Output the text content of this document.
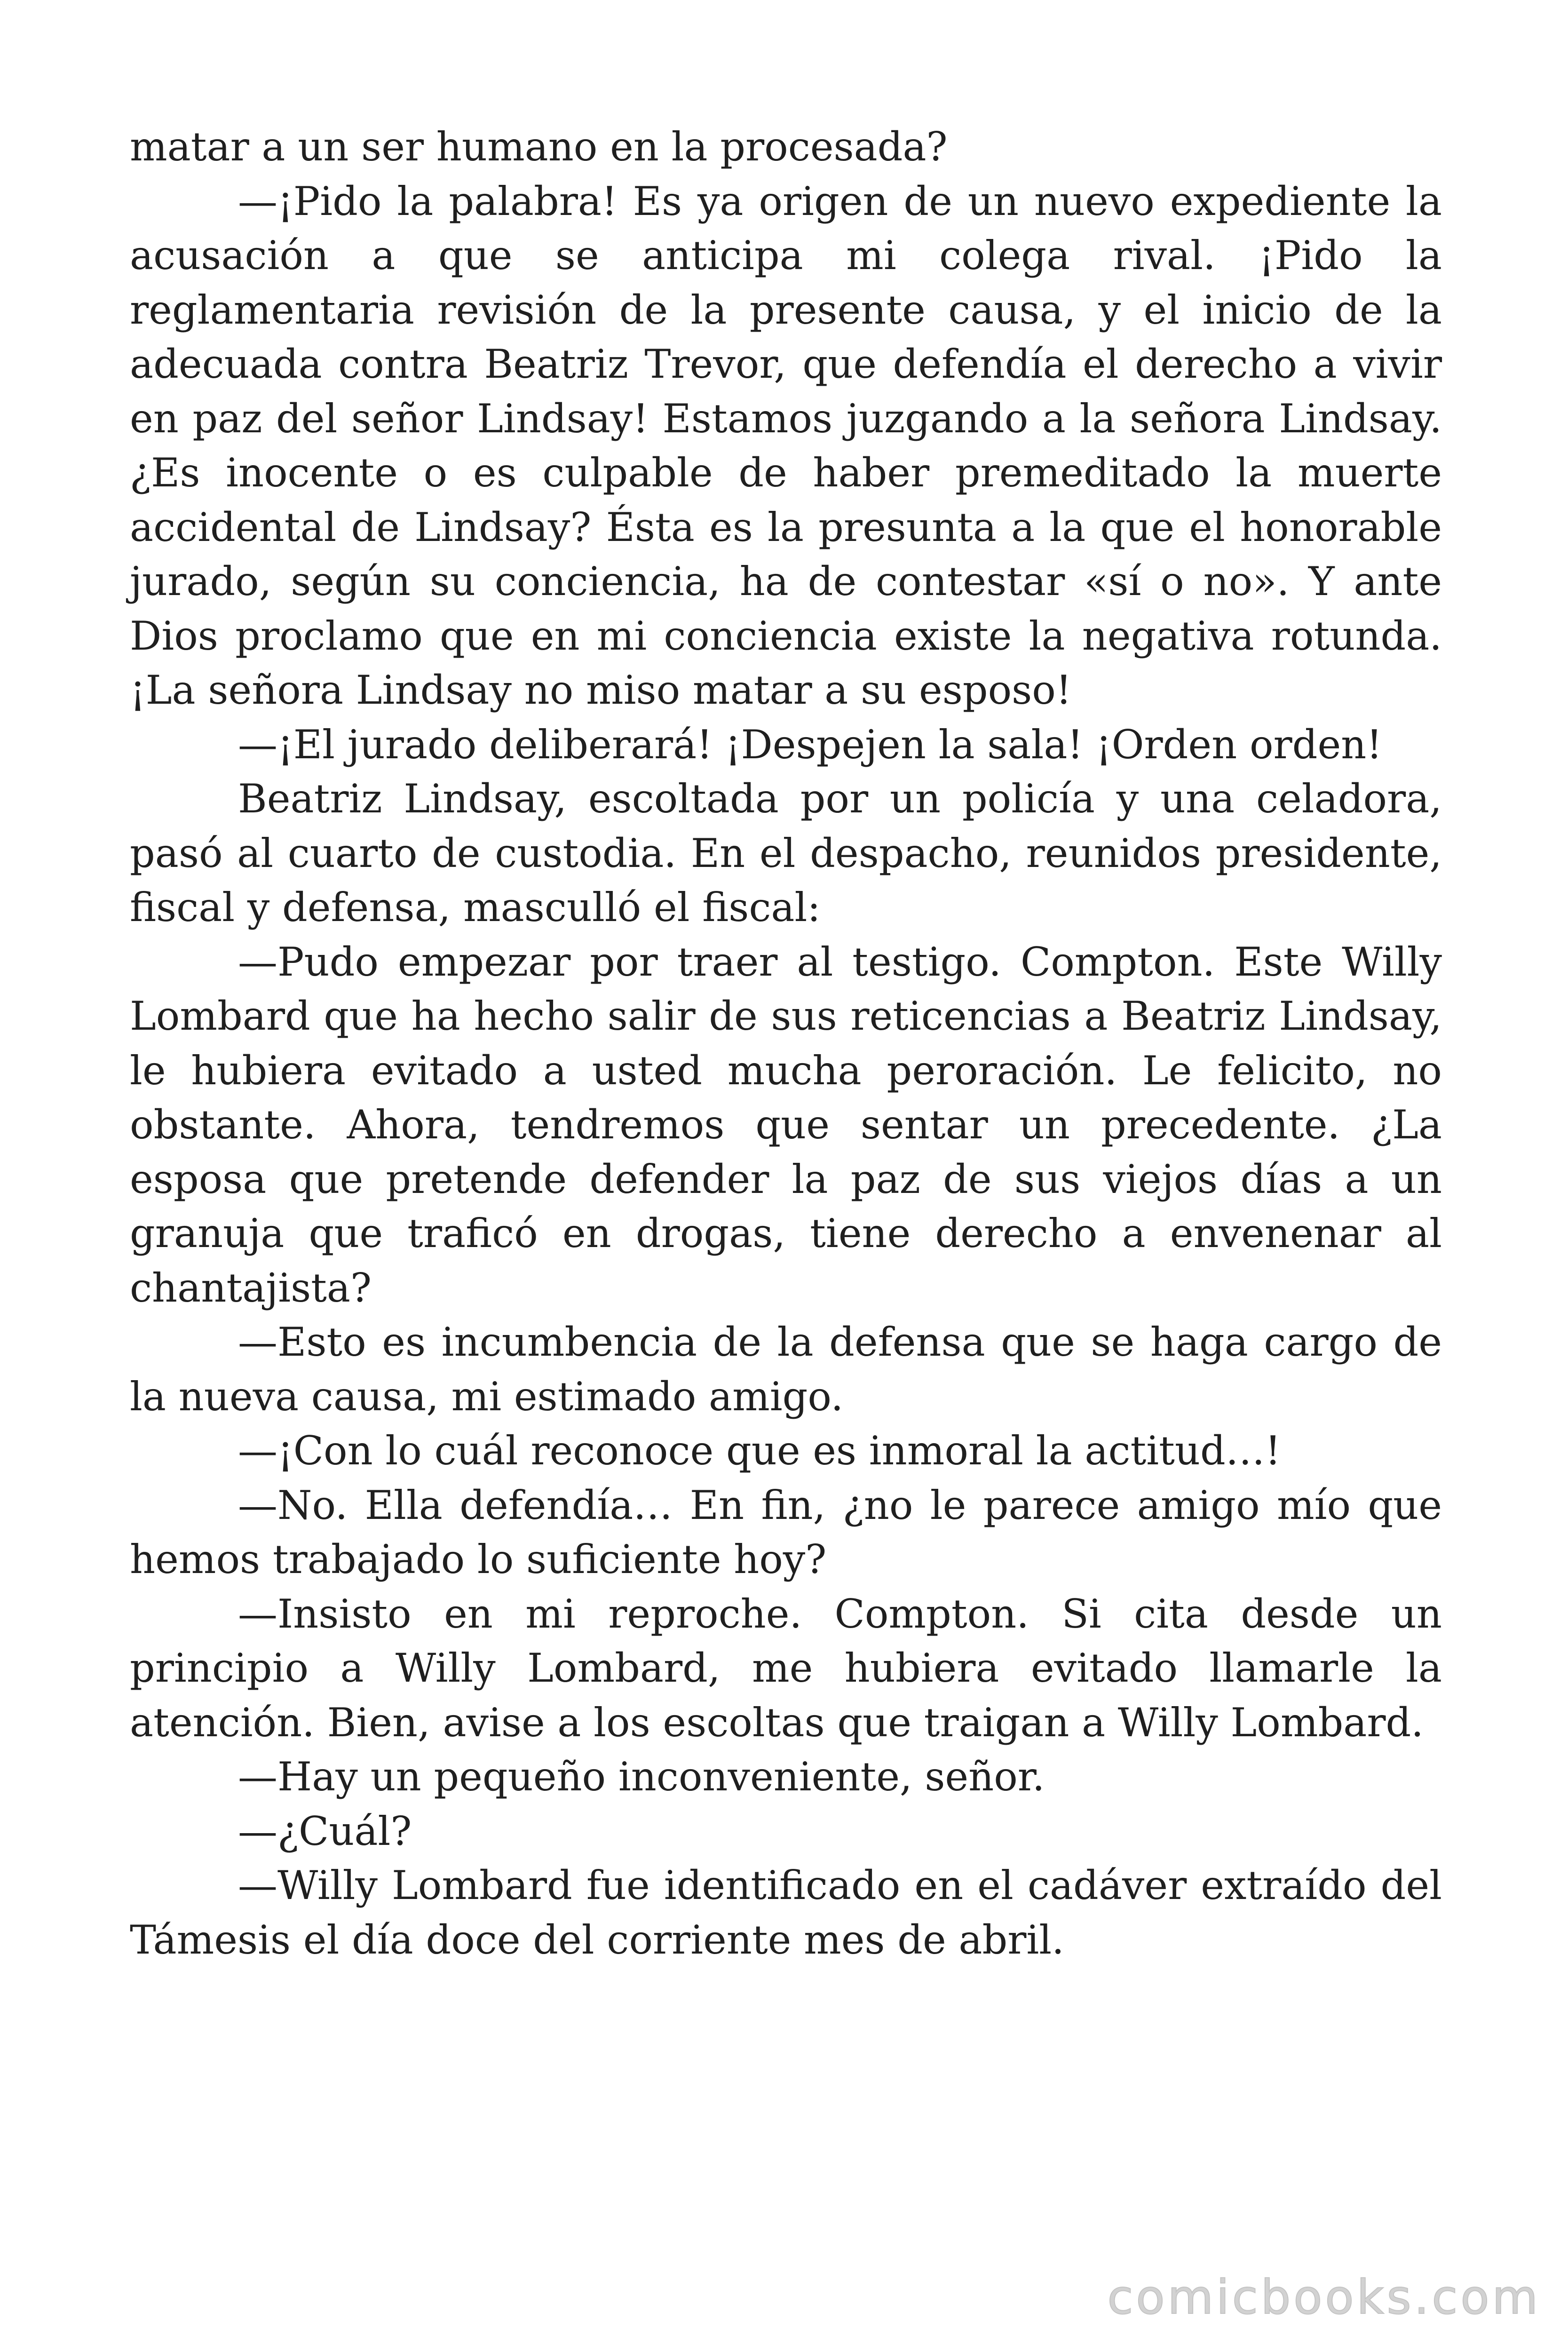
matar a un ser humano en la procesada?

—¡Pido la palabra! Es ya origen de un nuevo expediente la acusación a que se anticipa mi colega rival. ¡Pido la reglamentaria revisión de la presente causa, y el inicio de la adecuada contra Beatriz Trevor, que defendía el derecho a vivir en paz del señor Lindsay! Estamos juzgando a la señora Lindsay. ¿Es inocente o es culpable de haber premeditado la muerte accidental de Lindsay? Ésta es la presunta a la que el honorable jurado, según su conciencia, ha de contestar «sí o no». Y ante Dios proclamo que en mi conciencia existe la negativa rotunda. ¡La señora Lindsay no miso matar a su esposo!

—¡El jurado deliberará! ¡Despejen la sala! ¡Orden orden!

Beatriz Lindsay, escoltada por un policía y una celadora, pasó al cuarto de custodia. En el despacho, reunidos presidente, fiscal y defensa, masculló el fiscal:

—Pudo empezar por traer al testigo. Compton. Este Willy Lombard que ha hecho salir de sus reticencias a Beatriz Lindsay, le hubiera evitado a usted mucha peroración. Le felicito, no obstante. Ahora, tendremos que sentar un precedente. ¿La esposa que pretende defender la paz de sus viejos días a un granuja que traficó en drogas, tiene derecho a envenenar al chantajista?

—Esto es incumbencia de la defensa que se haga cargo de la nueva causa, mi estimado amigo.

—¡Con lo cuál reconoce que es inmoral la actitud…!

—No. Ella defendía… En fin, ¿no le parece amigo mío que hemos trabajado lo suficiente hoy?

—Insisto en mi reproche. Compton. Si cita desde un principio a Willy Lombard, me hubiera evitado llamarle la atención. Bien, avise a los escoltas que traigan a Willy Lombard.

—Hay un pequeño inconveniente, señor.

—¿Cuál?

—Willy Lombard fue identificado en el cadáver extraído del Támesis el día doce del corriente mes de abril.

comicbooks.com
